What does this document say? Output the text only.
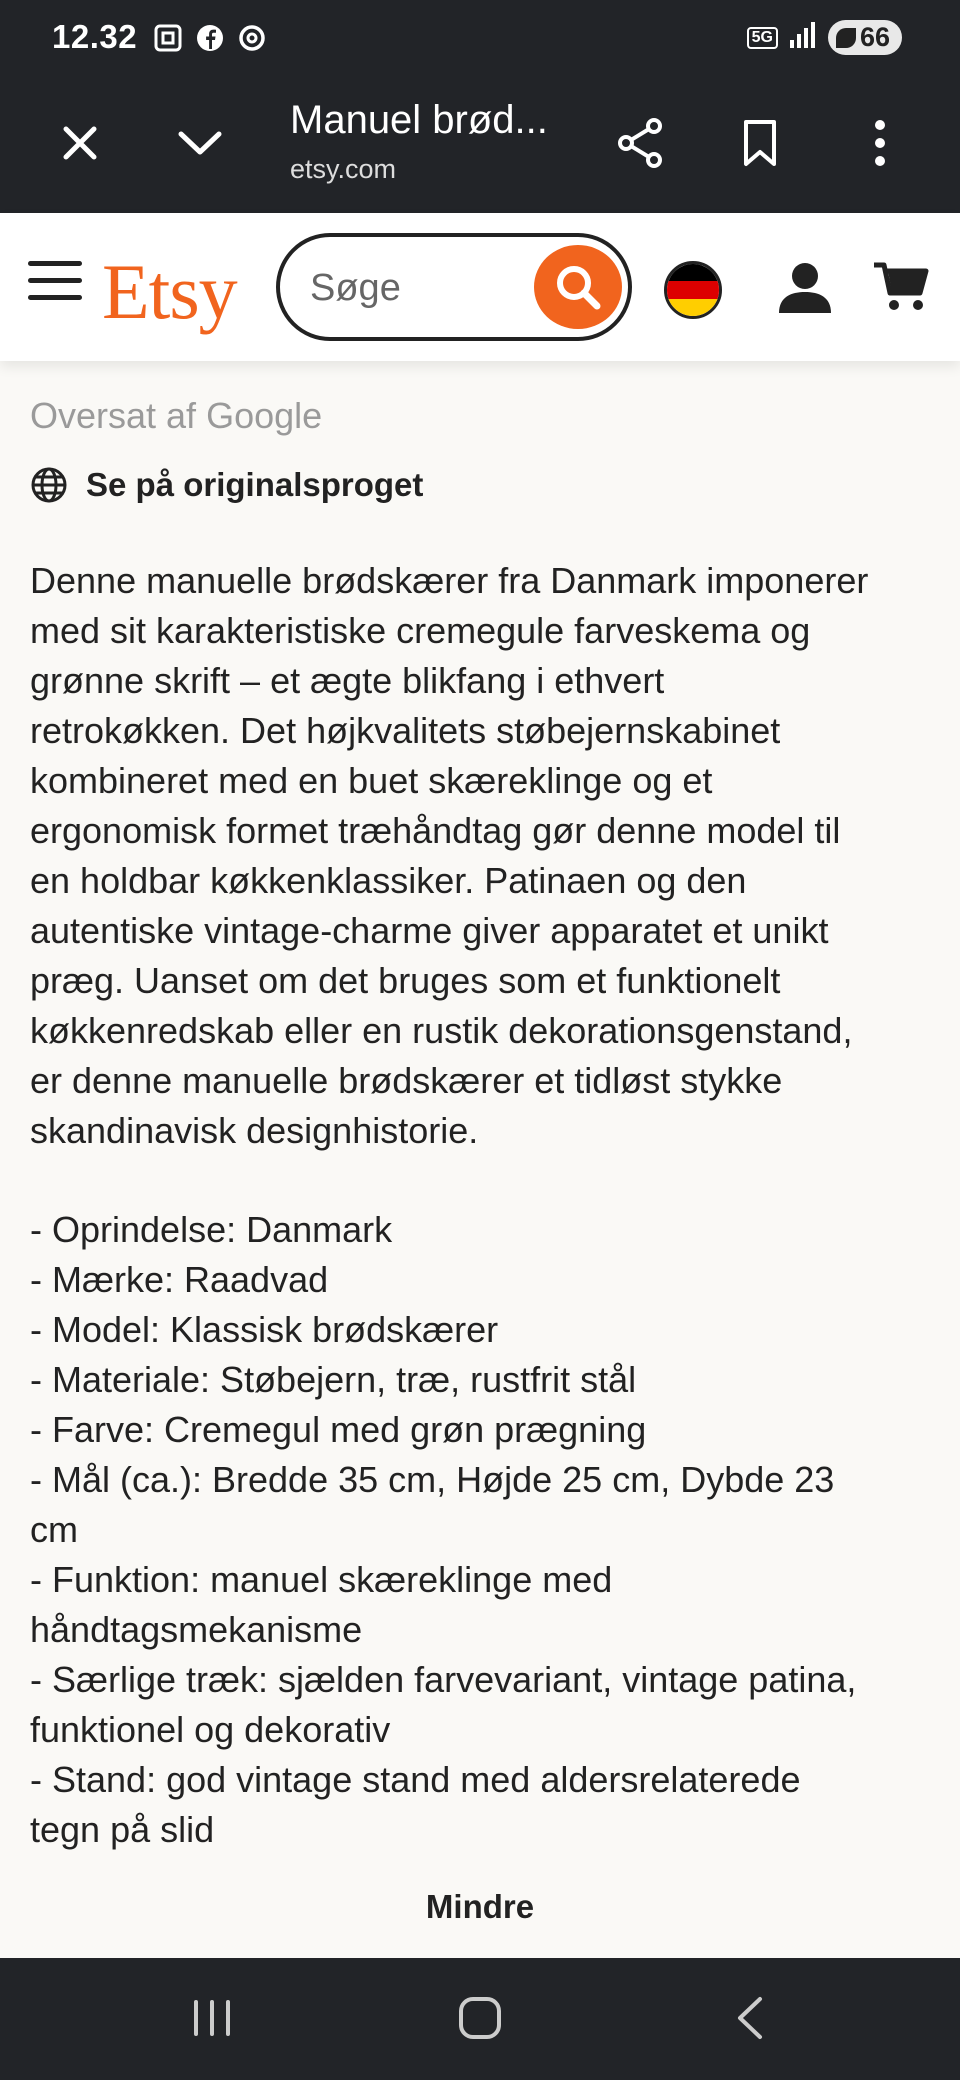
12.32	5G	66
Manuel brød...
etsy.com
Etsy
Søge
Oversat af Google
Se på originalsproget
Denne manuelle brødskærer fra Danmark imponerer
med sit karakteristiske cremegule farveskema og
grønne skrift – et ægte blikfang i ethvert
retrokøkken. Det højkvalitets støbejernskabinet
kombineret med en buet skæreklinge og et
ergonomisk formet træhåndtag gør denne model til
en holdbar køkkenklassiker. Patinaen og den
autentiske vintage-charme giver apparatet et unikt
præg. Uanset om det bruges som et funktionelt
køkkenredskab eller en rustik dekorationsgenstand,
er denne manuelle brødskærer et tidløst stykke
skandinavisk designhistorie.
- Oprindelse: Danmark
- Mærke: Raadvad
- Model: Klassisk brødskærer
- Materiale: Støbejern, træ, rustfrit stål
- Farve: Cremegul med grøn prægning
- Mål (ca.): Bredde 35 cm, Højde 25 cm, Dybde 23
cm
- Funktion: manuel skæreklinge med
håndtagsmekanisme
- Særlige træk: sjælden farvevariant, vintage patina,
funktionel og dekorativ
- Stand: god vintage stand med aldersrelaterede
tegn på slid
Mindre
